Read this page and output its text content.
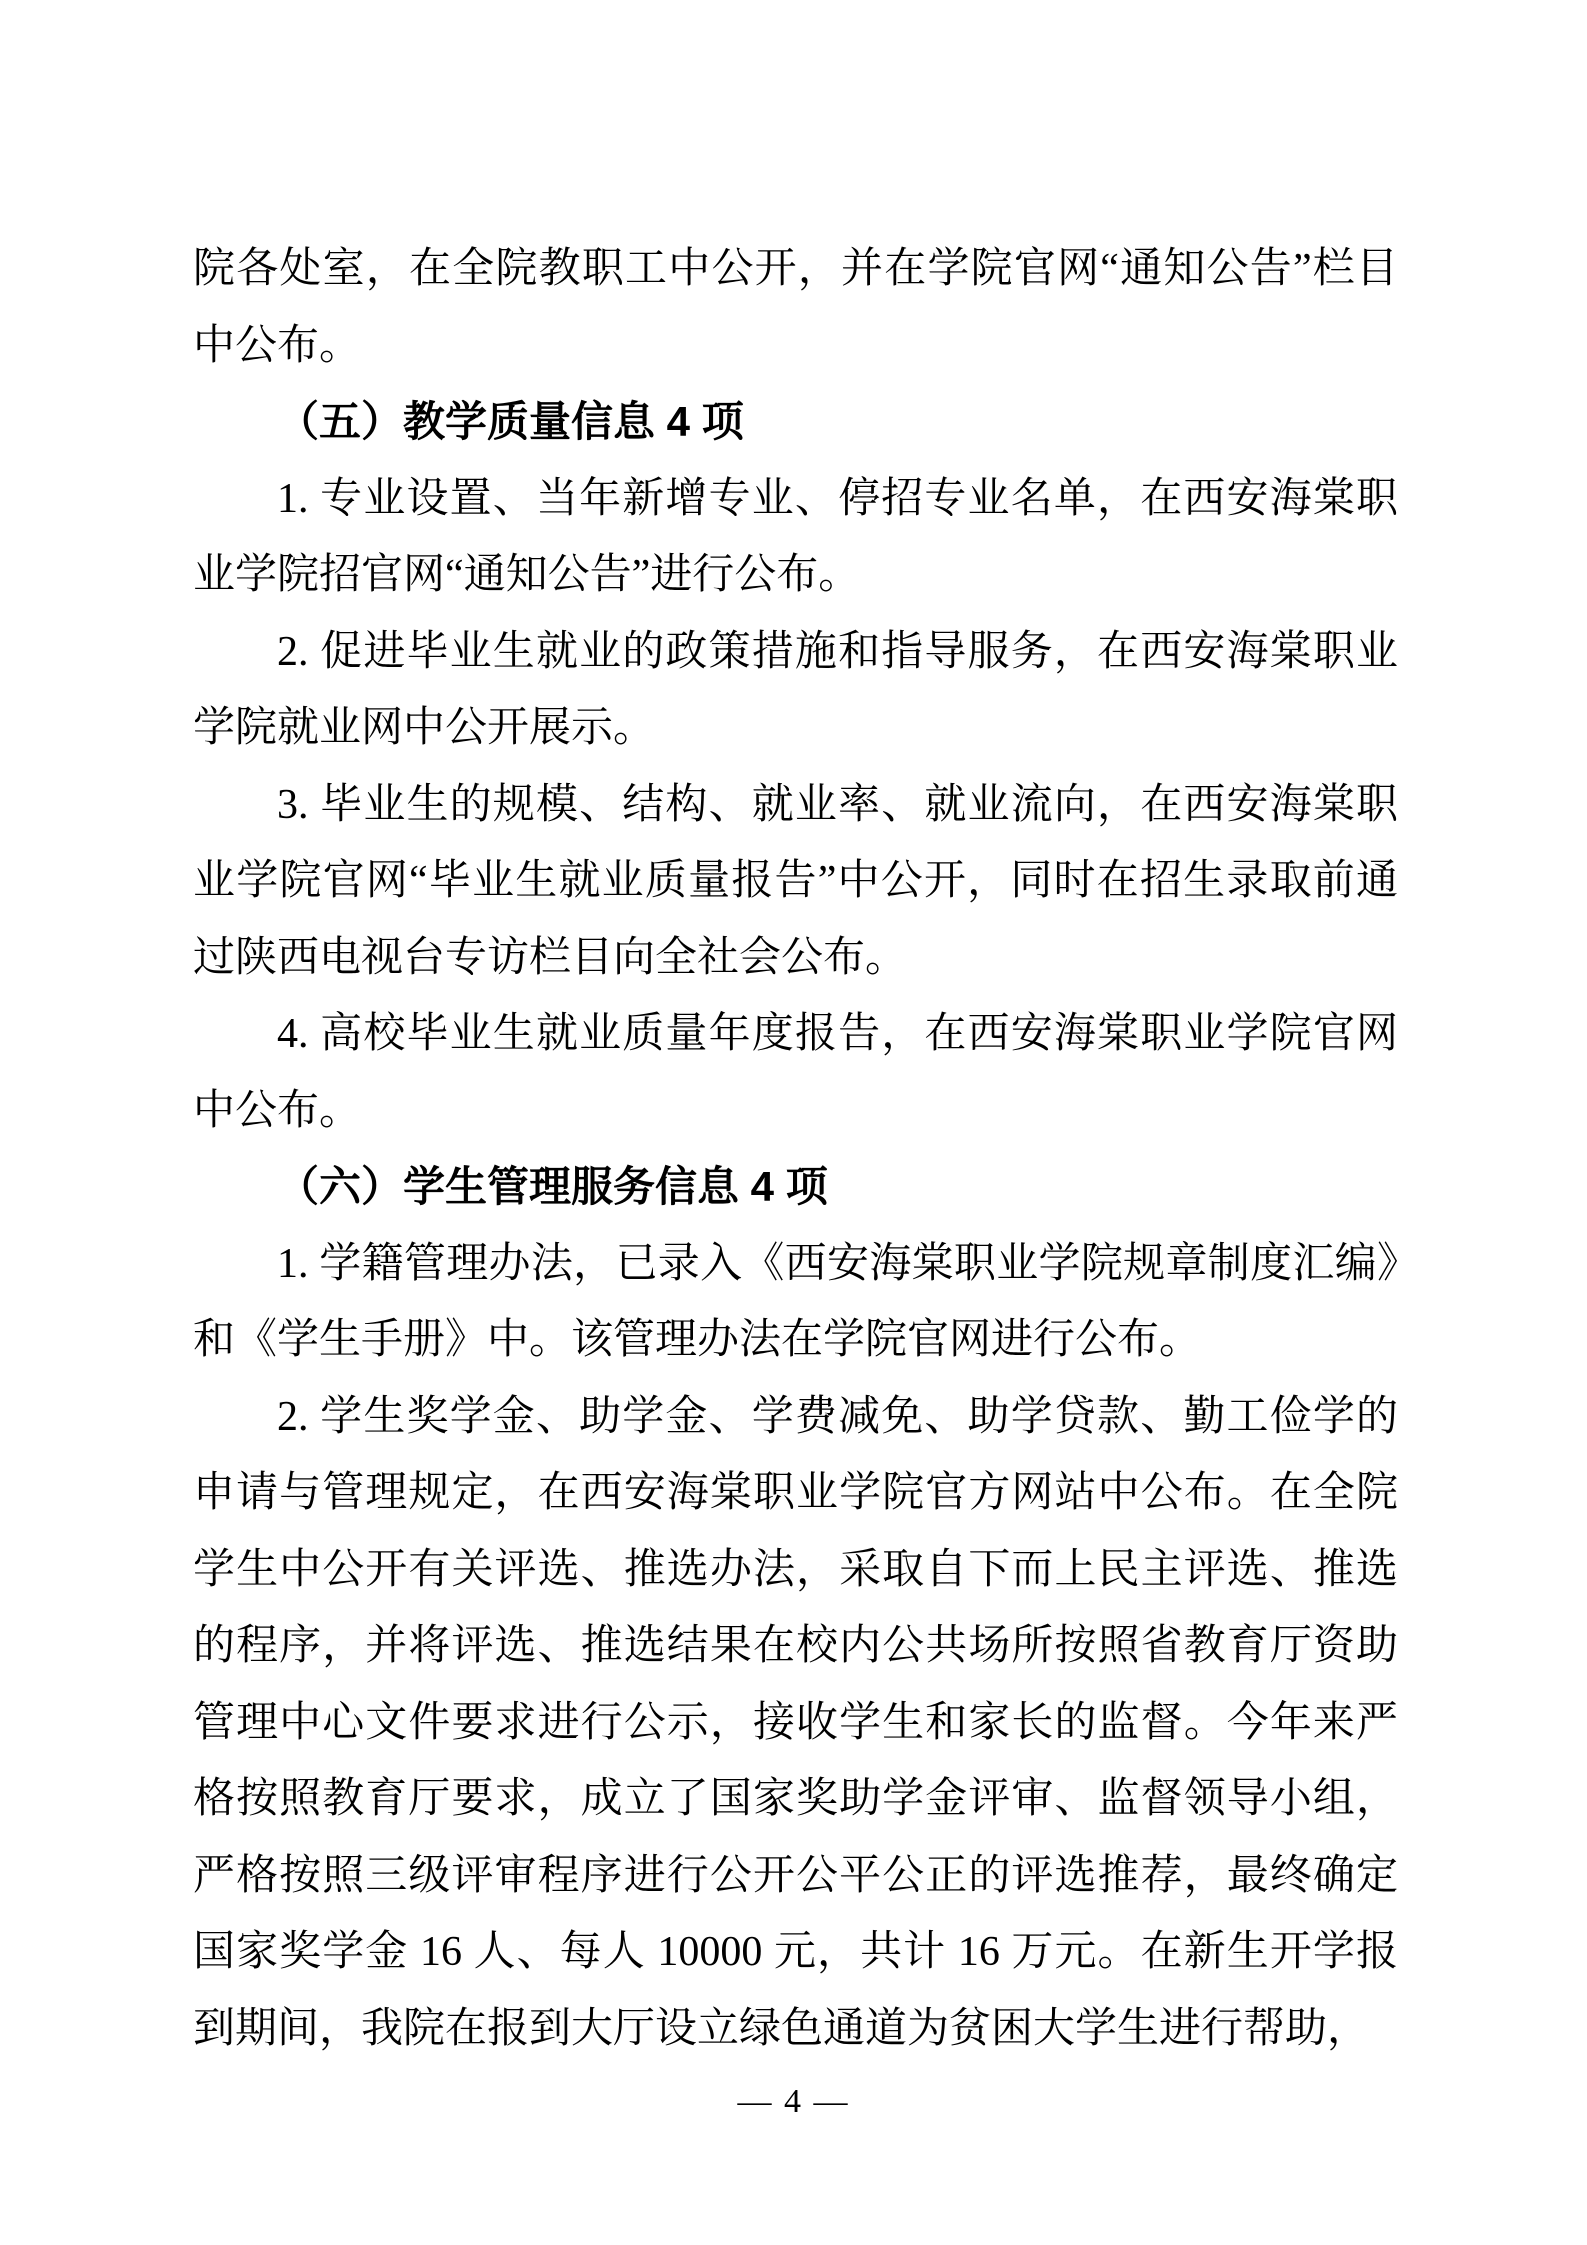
院各处室，在全院教职工中公开，并在学院官网“通知公告”栏目中公布。

（五）教学质量信息 4 项

1. 专业设置、当年新增专业、停招专业名单，在西安海棠职业学院招官网“通知公告”进行公布。

2. 促进毕业生就业的政策措施和指导服务，在西安海棠职业学院就业网中公开展示。

3. 毕业生的规模、结构、就业率、就业流向，在西安海棠职业学院官网“毕业生就业质量报告”中公开，同时在招生录取前通过陕西电视台专访栏目向全社会公布。

4. 高校毕业生就业质量年度报告，在西安海棠职业学院官网中公布。

（六）学生管理服务信息 4 项

1. 学籍管理办法，已录入《西安海棠职业学院规章制度汇编》和《学生手册》中。该管理办法在学院官网进行公布。

2. 学生奖学金、助学金、学费减免、助学贷款、勤工俭学的申请与管理规定，在西安海棠职业学院官方网站中公布。在全院学生中公开有关评选、推选办法，采取自下而上民主评选、推选的程序，并将评选、推选结果在校内公共场所按照省教育厅资助管理中心文件要求进行公示，接收学生和家长的监督。今年来严格按照教育厅要求，成立了国家奖助学金评审、监督领导小组，严格按照三级评审程序进行公开公平公正的评选推荐，最终确定国家奖学金 16 人、每人 10000 元，共计 16 万元。在新生开学报到期间，我院在报到大厅设立绿色通道为贫困大学生进行帮助，

— 4 —
